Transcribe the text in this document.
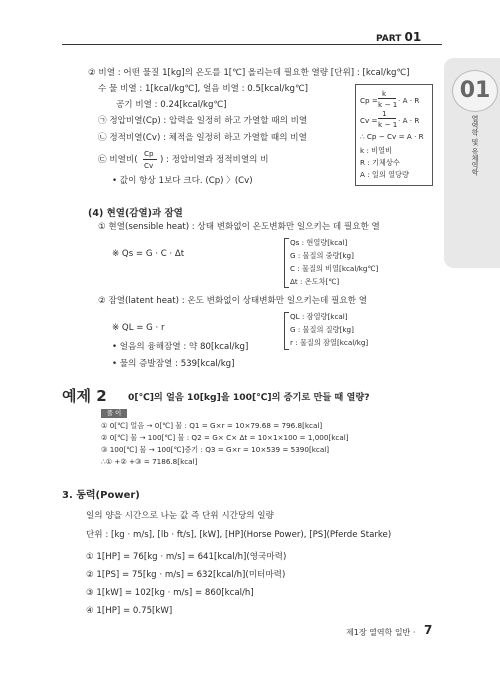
PART 01
01
열역학 및 유체역학
② 비열 : 어떤 물질 1[kg]의 온도를 1[℃] 올리는데 필요한 열량 [단위] : [kcal/kg℃]
수 물 비열 : 1[kcal/kg℃], 얼음 비열 : 0.5[kcal/kg℃]
공기 비열 : 0.24[kcal/kg℃]
㉠ 정압비열(Cp) : 압력을 일정히 하고 가열할 때의 비열
㉡ 정적비열(Cv) : 체적을 일정히 하고 가열할 때의 비열
㉢ 비열비(
Cp
Cv
) : 정압비열과 정적비열의 비
• 값이 항상 1보다 크다. (Cp) 〉(Cv)
Cp =
k
k − 1 · A · R
Cv =
1
k − 1 · A · R
∴ Cp − Cv = A · R
k : 비열비
R : 기체상수
A : 일의 열당량
(4) 현열(감열)과 잠열
① 현열(sensible heat) : 상태 변화없이 온도변화만 일으키는 데 필요한 열
※ Qs = G · C · Δt
Qs : 현열량[kcal]
G : 물질의 중량[kg]
C : 물질의 비열[kcal/kg℃]
Δt : 온도차[℃]
② 잠열(latent heat) : 온도 변화없이 상태변화만 일으키는데 필요한 열
※ QL = G · r
QL : 잠열량[kcal]
G : 물질의 질량[kg]
r : 물질의 잠열[kcal/kg]
• 얼음의 융해잠열 : 약 80[kcal/kg]
• 물의 증발잠열 : 539[kcal/kg]
예제 2 0[℃]의 얼음 10[kg]을 100[℃]의 증기로 만들 때 열량?
풀 이
① 0[℃] 얼음 → 0[℃] 물 : Q1 = G×r = 10×79.68 = 796.8[kcal]
② 0[℃] 물 → 100[℃] 물 : Q2 = G× C× Δt = 10×1×100 = 1,000[kcal]
③ 100[℃] 물 → 100[℃]증기 : Q3 = G×r = 10×539 = 5390[kcal]
∴① +② +③ = 7186.8[kcal]
3. 동력(Power)
일의 양을 시간으로 나눈 값 즉 단위 시간당의 일량
단위 : [kg · m/s], [lb · ft/s], [kW], [HP](Horse Power), [PS](Pferde Starke)
① 1[HP] = 76[kg · m/s] = 641[kcal/h](영국마력)
② 1[PS] = 75[kg · m/s] = 632[kcal/h](미터마력)
③ 1[kW] = 102[kg · m/s] = 860[kcal/h]
④ 1[HP] = 0.75[kW]
제1장 열역학 일반 · 7
